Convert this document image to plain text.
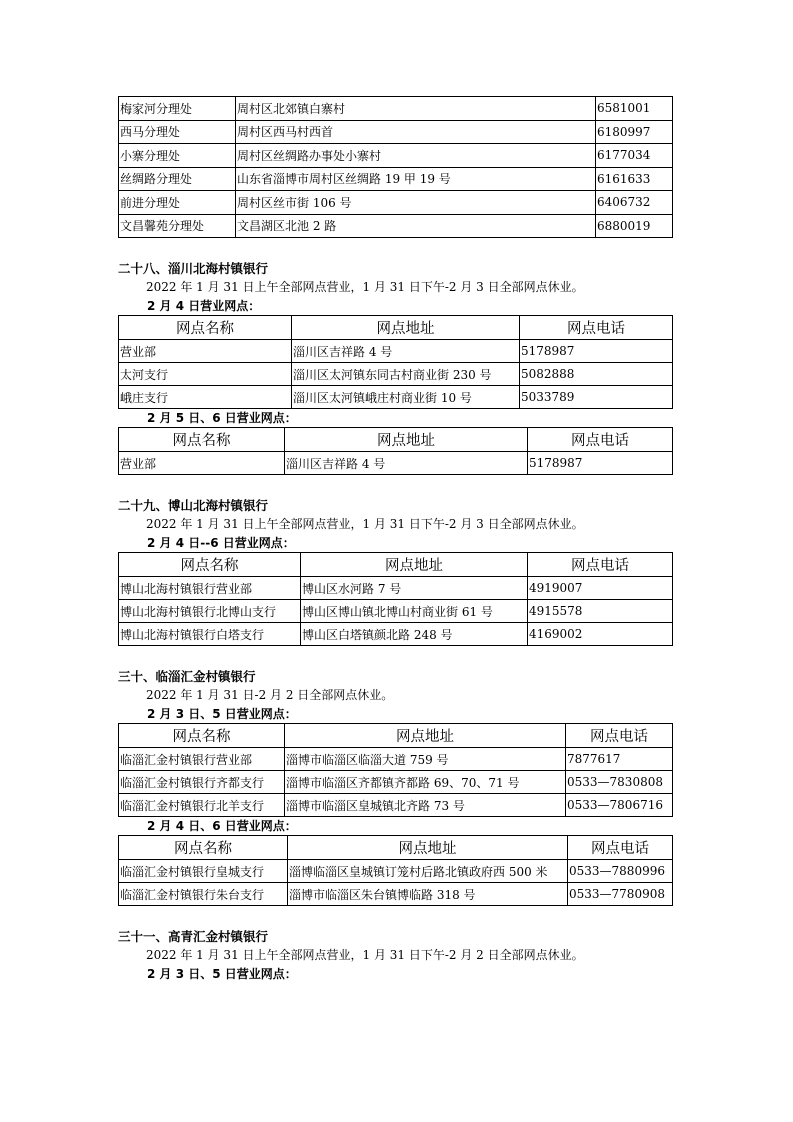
梅家河分理处	周村区北郊镇白寨村	6581001
西马分理处	周村区西马村西首	6180997
小寨分理处	周村区丝绸路办事处小寨村	6177034
丝绸路分理处	山东省淄博市周村区丝绸路 19 甲 19 号	6161633
前进分理处	周村区丝市街 106 号	6406732
文昌馨苑分理处	文昌湖区北池 2 路	6880019
二十八、淄川北海村镇银行

2022 年 1 月 31 日上午全部网点营业，1 月 31 日下午-2 月 3 日全部网点休业。

2 月 4 日营业网点：

网点名称	网点地址	网点电话
营业部	淄川区吉祥路 4 号	5178987
太河支行	淄川区太河镇东同古村商业街 230 号	5082888
峨庄支行	淄川区太河镇峨庄村商业街 10 号	5033789

2 月 5 日、6 日营业网点：

网点名称	网点地址	网点电话
营业部	淄川区吉祥路 4 号	5178987
二十九、博山北海村镇银行

2022 年 1 月 31 日上午全部网点营业，1 月 31 日下午-2 月 3 日全部网点休业。

2 月 4 日--6 日营业网点：

网点名称	网点地址	网点电话
博山北海村镇银行营业部	博山区水河路 7 号	4919007
博山北海村镇银行北博山支行	博山区博山镇北博山村商业街 61 号	4915578
博山北海村镇银行白塔支行	博山区白塔镇颜北路 248 号	4169002
三十、临淄汇金村镇银行

2022 年 1 月 31 日-2 月 2 日全部网点休业。

2 月 3 日、5 日营业网点：

网点名称	网点地址	网点电话
临淄汇金村镇银行营业部	淄博市临淄区临淄大道 759 号	7877617
临淄汇金村镇银行齐都支行	淄博市临淄区齐都镇齐都路 69、70、71 号	0533—7830808
临淄汇金村镇银行北羊支行	淄博市临淄区皇城镇北齐路 73 号	0533—7806716

2 月 4 日、6 日营业网点：

网点名称	网点地址	网点电话
临淄汇金村镇银行皇城支行	淄博临淄区皇城镇订笼村后路北镇政府西 500 米	0533—7880996
临淄汇金村镇银行朱台支行	淄博市临淄区朱台镇博临路 318 号	0533—7780908
三十一、高青汇金村镇银行

2022 年 1 月 31 日上午全部网点营业，1 月 31 日下午-2 月 2 日全部网点休业。

2 月 3 日、5 日营业网点：
